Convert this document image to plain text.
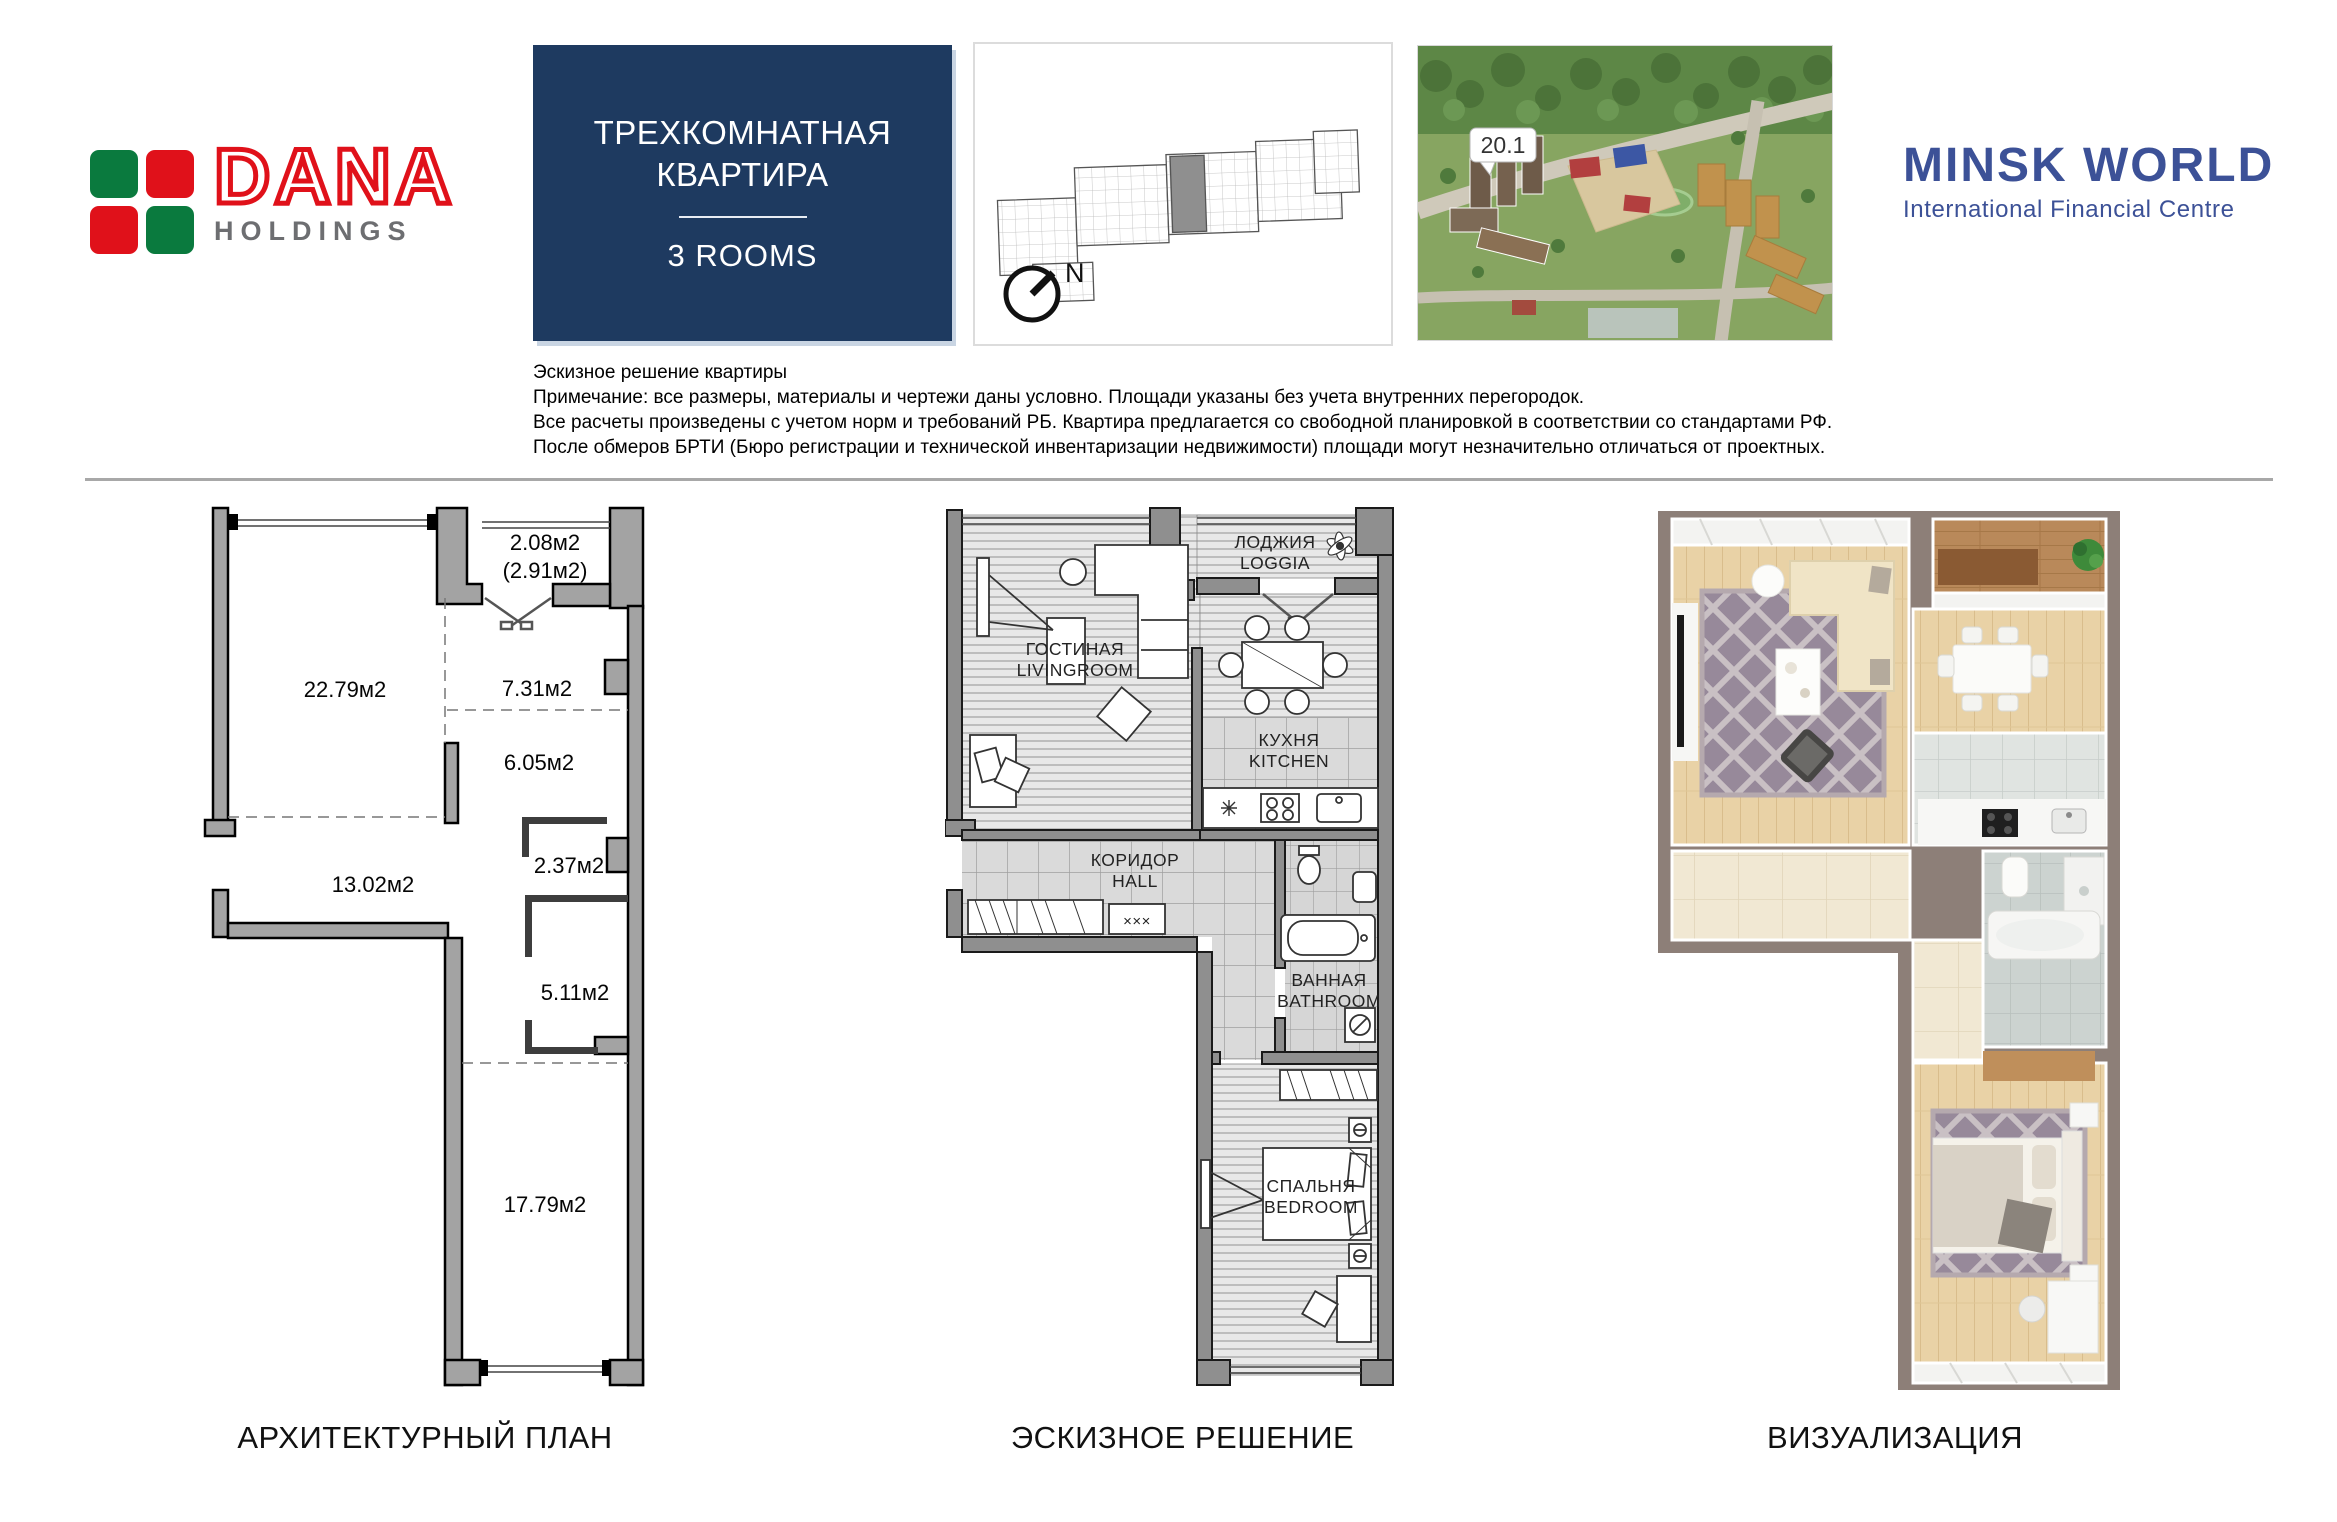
DANA
HOLDINGS
ТРЕХКОМНАТНАЯ КВАРТИРА
3 ROOMS	N
20.1	MINSK WORLD
International Financial Centre
Эскизное решение квартиры
Примечание: все размеры, материалы и чертежи даны условно. Площади указаны без учета внутренних перегородок.
Все расчеты произведены с учетом норм и требований РБ. Квартира предлагается со свободной планировкой в соответствии со стандартами РФ.
После обмеров БРТИ (Бюро регистрации и технической инвентаризации недвижимости) площади могут незначительно отличаться от проектных.
22.79м2
2.08м2
(2.91м2)
7.31м2
6.05м2
13.02м2
2.37м2
5.11м2
17.79м2
ЛОДЖИЯ
LOGGIA
ГОСТИНАЯ
LIVINGROOM
КУХНЯ
KITCHEN
КОРИДОР
HALL
ВАННАЯ
BATHROOM
СПАЛЬНЯ
BEDROOM
×××
АРХИТЕКТУРНЫЙ ПЛАН	ЭСКИЗНОЕ РЕШЕНИЕ	ВИЗУАЛИЗАЦИЯ
